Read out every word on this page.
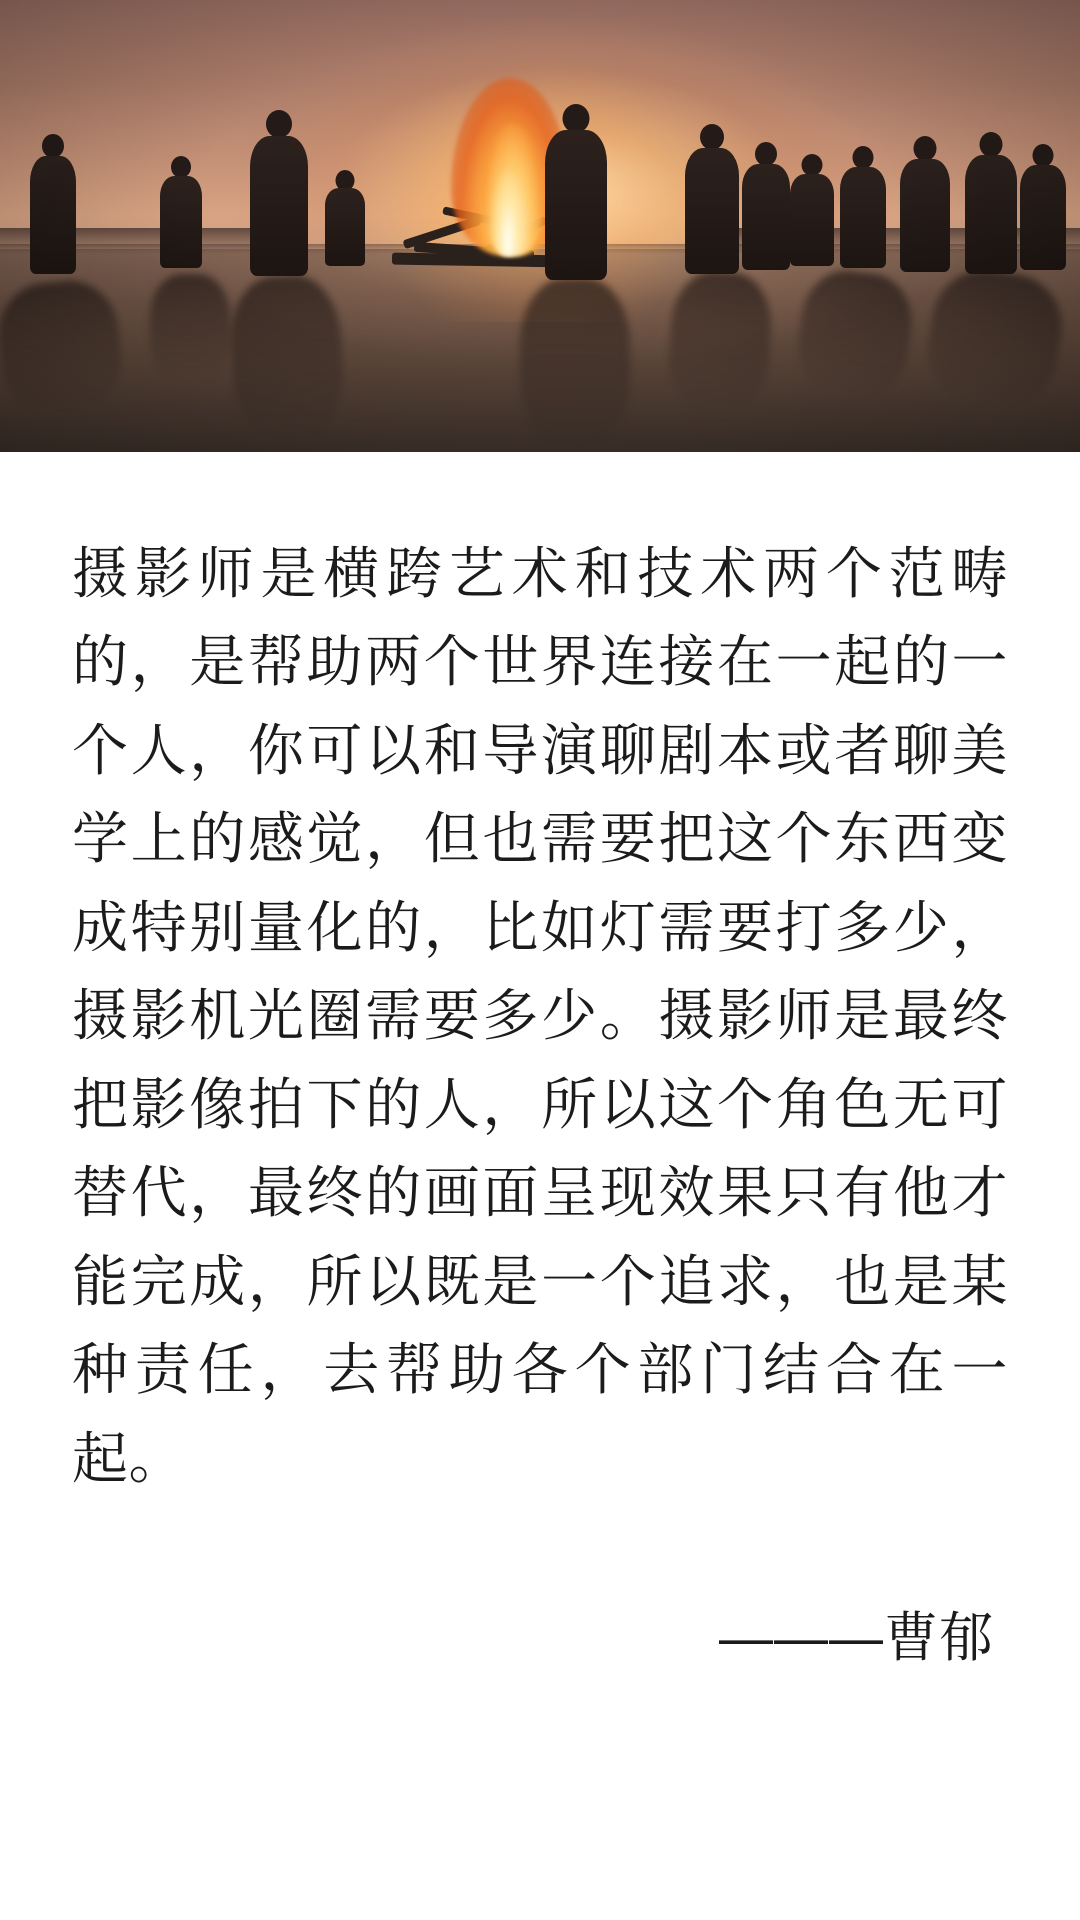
摄影师是横跨艺术和技术两个范畴的，是帮助两个世界连接在一起的一个人，你可以和导演聊剧本或者聊美学上的感觉，但也需要把这个东西变成特别量化的，比如灯需要打多少，摄影机光圈需要多少。摄影师是最终把影像拍下的人，所以这个角色无可替代，最终的画面呈现效果只有他才能完成，所以既是一个追求，也是某种责任，去帮助各个部门结合在一起。
———曹郁
